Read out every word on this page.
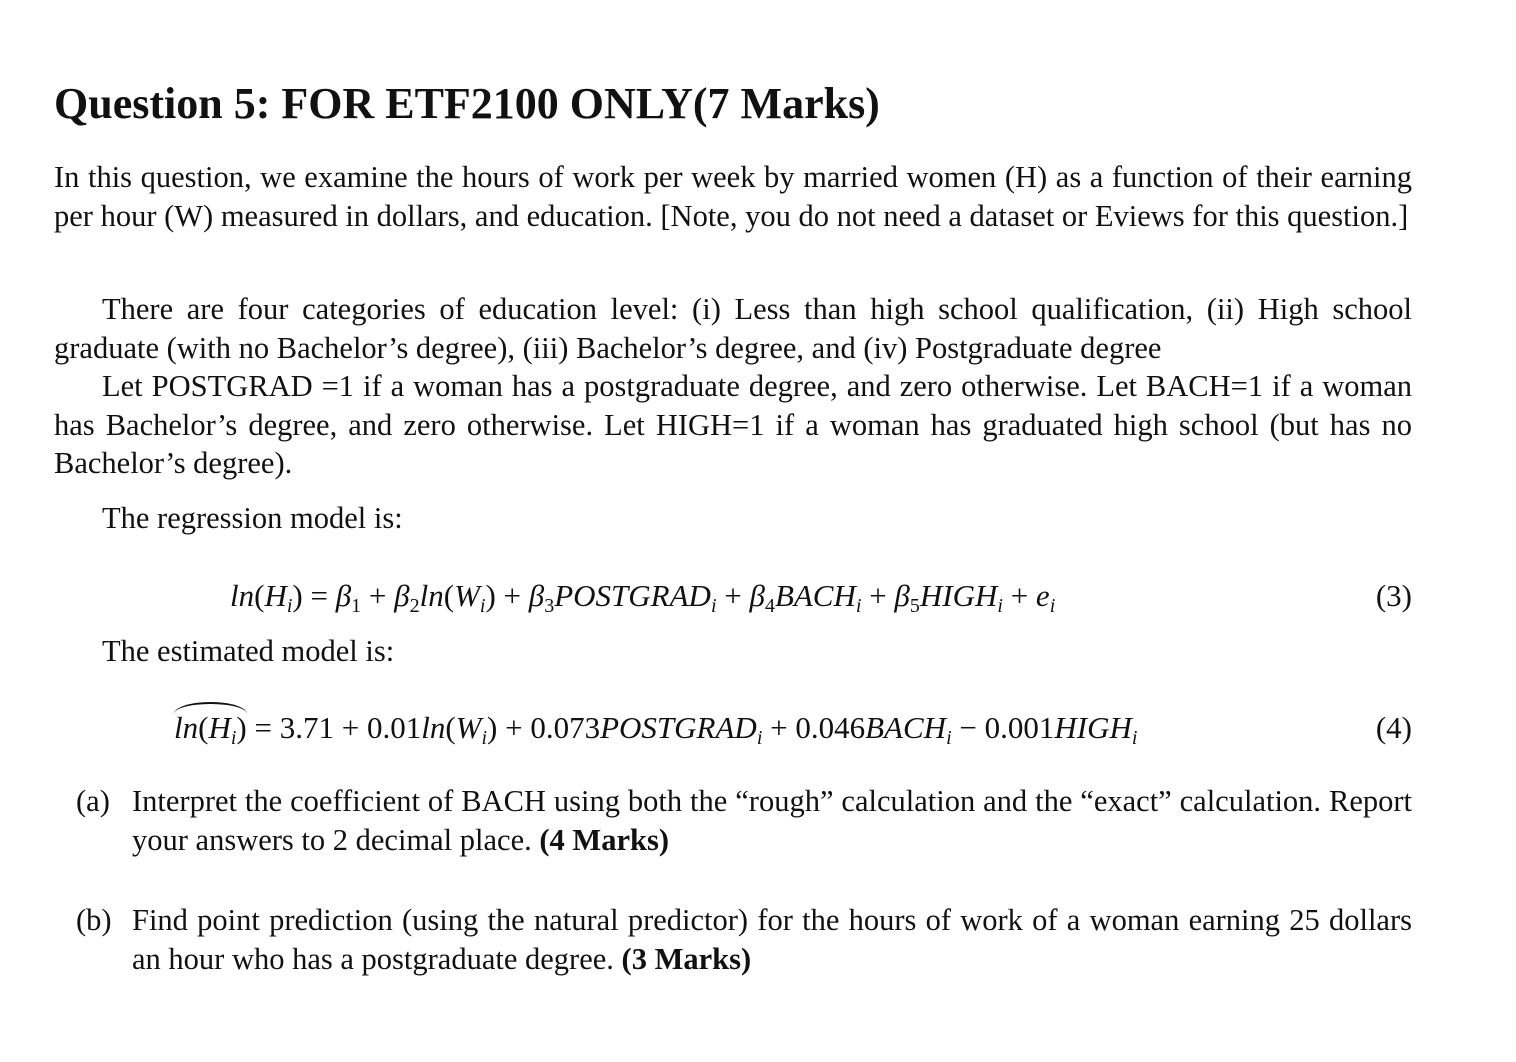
Question 5: FOR ETF2100 ONLY(7 Marks)

In this question, we examine the hours of work per week by married women (H) as a function of their earning per hour (W) measured in dollars, and education. [Note, you do not need a dataset or Eviews for this question.]

There are four categories of education level: (i) Less than high school qualification, (ii) High school graduate (with no Bachelor’s degree), (iii) Bachelor’s degree, and (iv) Postgraduate degree

Let POSTGRAD =1 if a woman has a postgraduate degree, and zero otherwise. Let BACH=1 if a woman has Bachelor’s degree, and zero otherwise. Let HIGH=1 if a woman has graduated high school (but has no Bachelor’s degree).

The regression model is:

$\ln(H_i) = \beta_1 + \beta_2\ln(W_i)$ + $\beta_3POSTGRAD_i$ + $\beta_4BACH_i$ + $\beta_5HIGH_i + e_i$	(3)

The estimated model is:

$\ln(H_i) = 3.71 + 0.01\ln(W_i)$ + $0.073POSTGRAD_i$ + $0.046BACH_i$ − $0.001HIGH_i$	(4)
(a) Interpret the coefficient of BACH using both the “rough” calculation and the “exact” calculation. Report your answers to 2 decimal place. (4 Marks)
(b) Find point prediction (using the natural predictor) for the hours of work of a woman earning 25 dollars an hour who has a postgraduate degree. (3 Marks)
